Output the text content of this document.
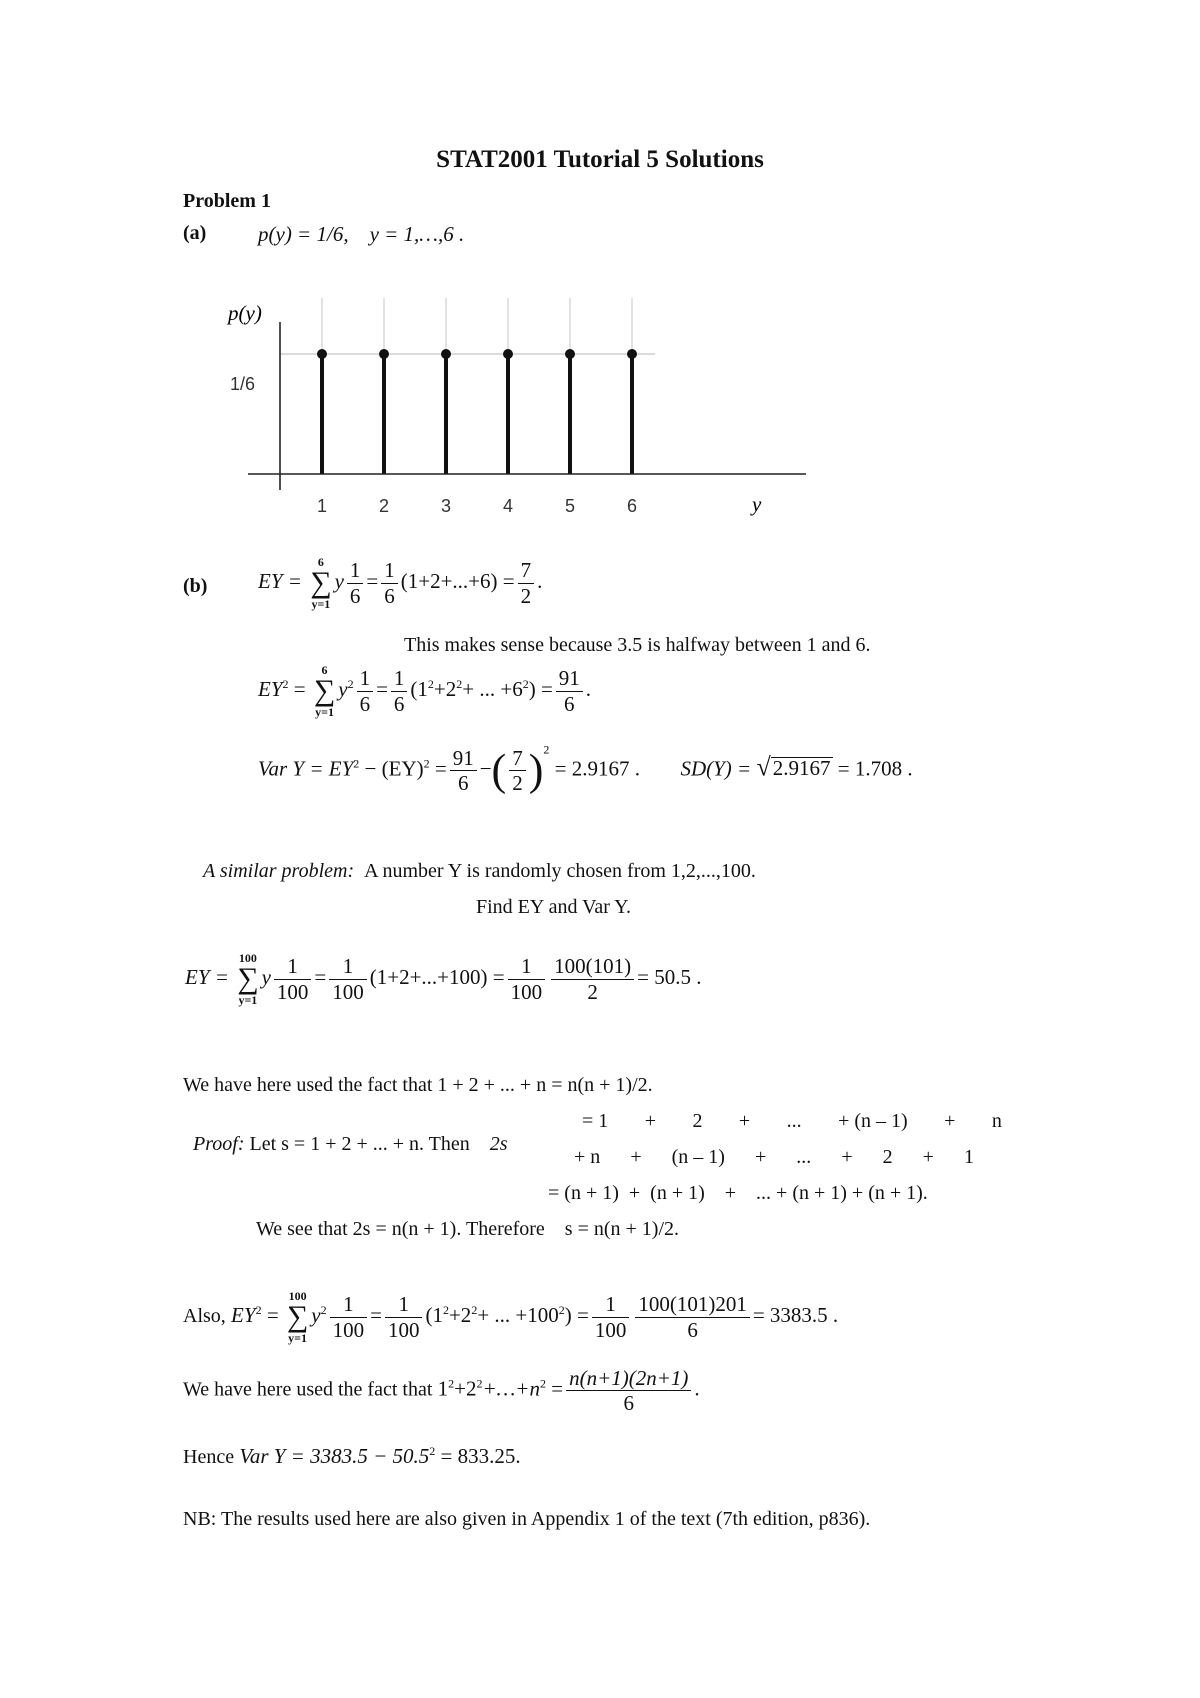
STAT2001 Tutorial 5 Solutions
Problem 1
(a) p(y) = 1/6,    y = 1,…,6 .
p(y)
y
1/6
1	2	3	4	5	6
(b) EY =
6
∑
y=1
y $\frac{1}{6} = \frac{1}{6} (1+2+...+6) = \frac{7}{2}$ .
This makes sense because 3.5 is halfway between 1 and 6.
$EY^2$ =
6
∑
y=1
$y^2 \frac{1}{6} = \frac{1}{6} (1^2+2^2+$ ... $+6^2) = \frac{91}{6}$ .
Var $Y = EY^2 - (EY)^2 = \frac{91}{6}$ −( $\frac{7}{2} )^2 = 2.9167$ . SD(Y) = √2.9167 = 1.708 .
A similar problem: A number Y is randomly chosen from 1,2,...,100.
Find EY and Var Y.
EY =
100
∑
y=1
y $\frac{1}{100} = \frac{1}{100} (1+2+...+100) = \frac{1}{100} \frac{100(101)}{2} = 50.5$ .
We have here used the fact that 1 + 2 + ... + n = n(n + 1)/2.

Proof: Let s = 1 + 2 + ... + n. Then 2s

= 1 + 2 + ... + (n – 1) + n
+ n + (n – 1) + ... + 2 + 1
= (n + 1)  +  (n + 1)    +    ... + (n + 1) + (n + 1).
We see that 2s = n(n + 1). Therefore    s = n(n + 1)/2.
Also, $EY^2$ =
100
∑
y=1
$y^2 \frac{1}{100} = \frac{1}{100} (1^2+2^2+$ ... $+100^2) = \frac{1}{100} \frac{100(101)201}{6} = 3383.5$ .
We have here used the fact that $1^2+2^2+\dots+n^2 = \frac{n(n+1)(2n+1)}{6}$ .
Hence Var $Y = 3383.5 - 50.5^2 = 833.25$.
NB: The results used here are also given in Appendix 1 of the text (7th edition, p836).
